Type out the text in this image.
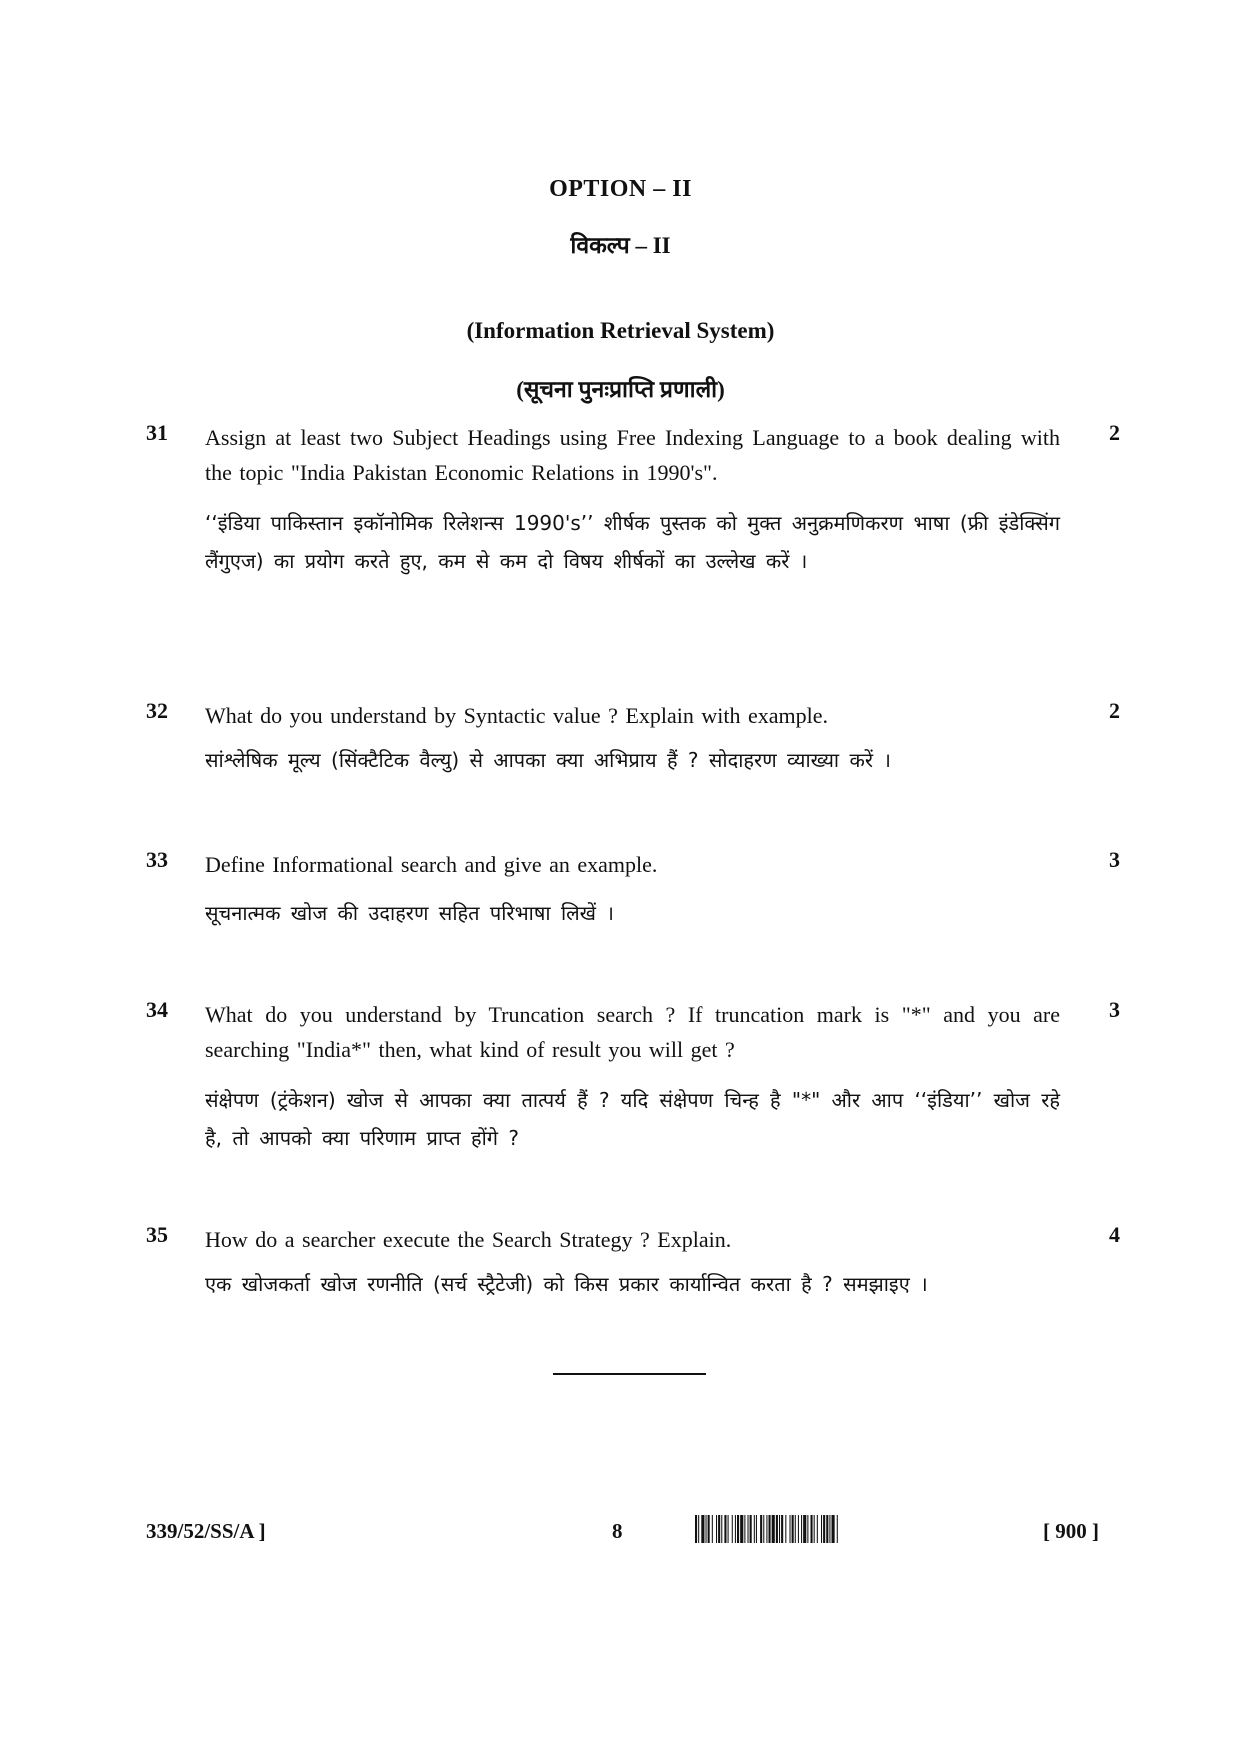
OPTION – II

विकल्प – II

(Information Retrieval System)

(सूचना पुनःप्राप्ति प्रणाली)

31 Assign at least two Subject Headings using Free Indexing Language to a book dealing with the topic "India Pakistan Economic Relations in 1990's".

‘‘इंडिया पाकिस्तान इकॉनोमिक रिलेशन्स 1990's’’ शीर्षक पुस्तक को मुक्त अनुक्रमणिकरण भाषा (फ्री इंडेक्सिंग लैंगुएज) का प्रयोग करते हुए, कम से कम दो विषय शीर्षकों का उल्लेख करें ।

2
32 What do you understand by Syntactic value ? Explain with example.

सांश्लेषिक मूल्य (सिंक्टैटिक वैल्यु) से आपका क्या अभिप्राय हैं ? सोदाहरण व्याख्या करें ।

2
33 Define Informational search and give an example.

सूचनात्मक खोज की उदाहरण सहित परिभाषा लिखें ।

3
34 What do you understand by Truncation search ? If truncation mark is "*" and you are searching "India*" then, what kind of result you will get ?

संक्षेपण (ट्रंकेशन) खोज से आपका क्या तात्पर्य हैं ? यदि संक्षेपण चिन्ह है "*" और आप ‘‘इंडिया’’ खोज रहे है, तो आपको क्या परिणाम प्राप्त होंगे ?

3
35 How do a searcher execute the Search Strategy ? Explain.

एक खोजकर्ता खोज रणनीति (सर्च स्ट्रैटेजी) को किस प्रकार कार्यान्वित करता है ? समझाइए ।

4
339/52/SS/A ]	8	[ 900 ]
